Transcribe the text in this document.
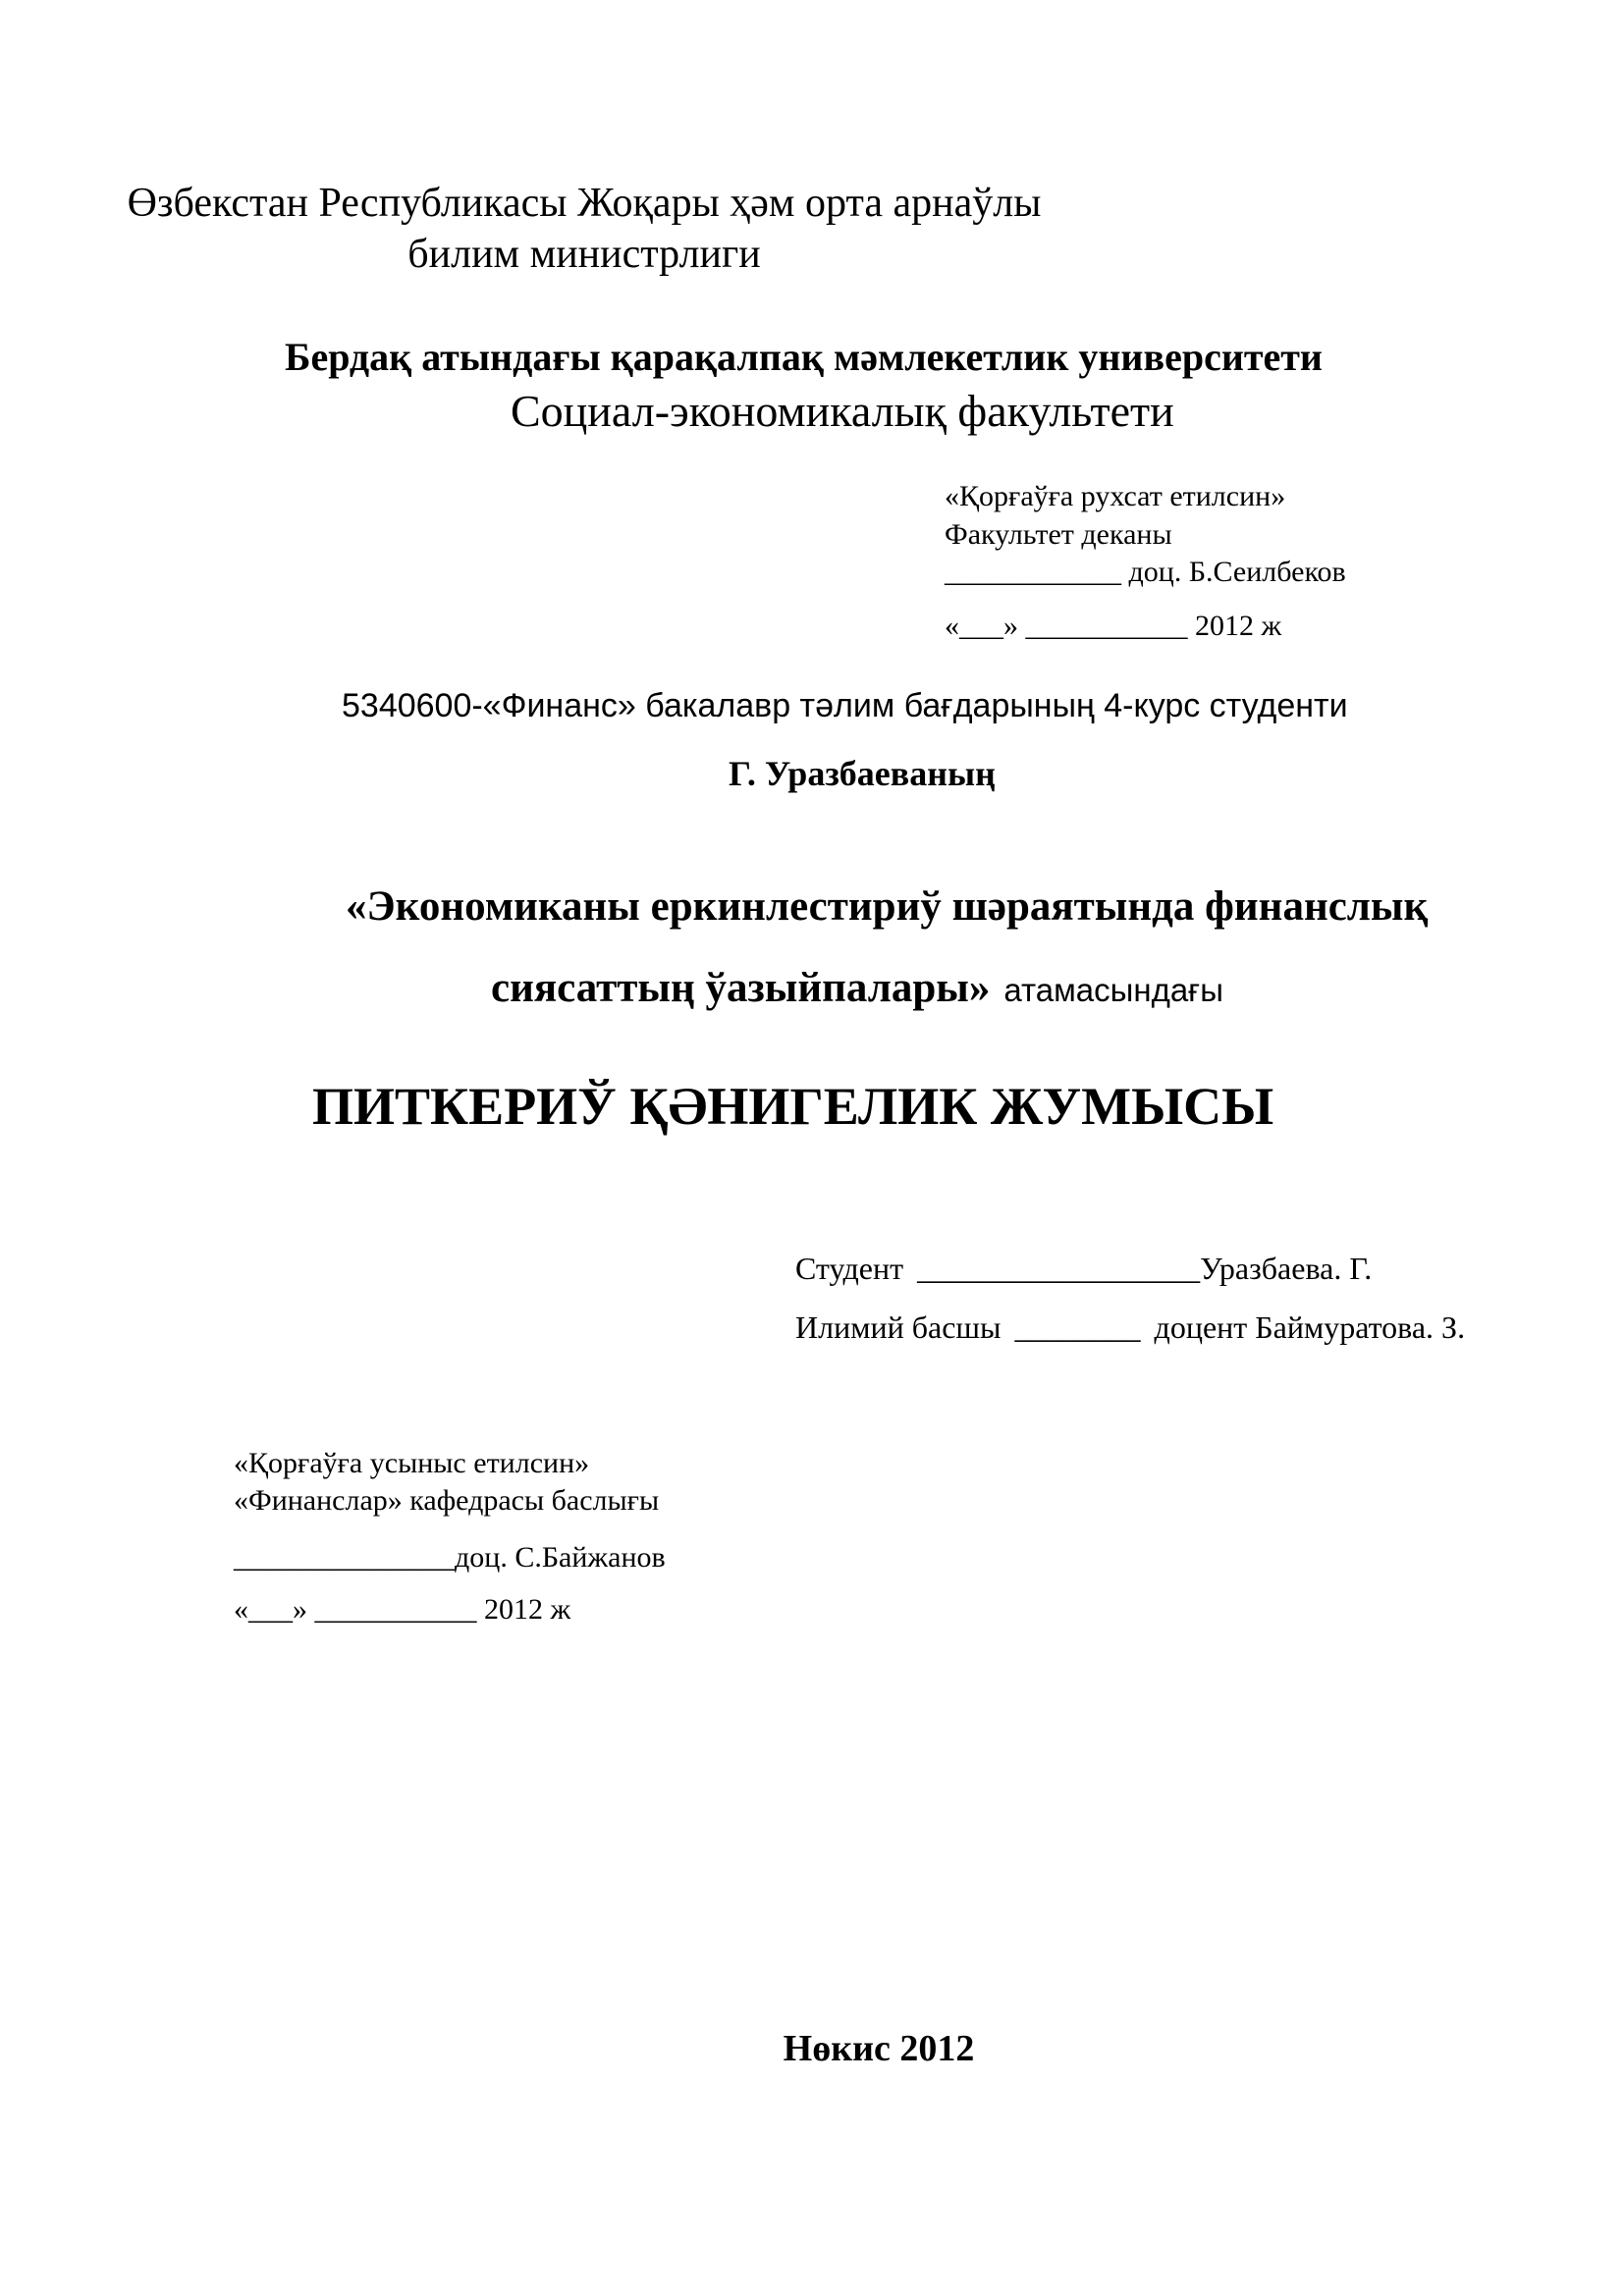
Өзбекстан Республикасы Жоқары ҳәм орта арнаўлы
билим министрлиги
Бердақ атындағы қарақалпақ мәмлекетлик университети
Социал-экономикалық факультети
«Қорғаўға рухсат етилсин»
Факультет деканы
____________ доц. Б.Сеилбеков
«___» ___________ 2012 ж
5340600-«Финанс» бакалавр тәлим бағдарының 4-курс студенти
Г. Уразбаеваның
«Экономиканы еркинлестириў шәраятында финанслық
сиясаттың ўазыйпалары» атамасындағы
ПИТКЕРИЎ ҚӘНИГЕЛИК ЖУМЫСЫ
Студент __________________Уразбаева. Г.
Илимий басшы ________ доцент Баймуратова. З.
«Қорғаўға усыныс етилсин»
«Финанслар» кафедрасы баслығы
_______________доц. С.Байжанов
«___» ___________ 2012 ж
Нөкис 2012
